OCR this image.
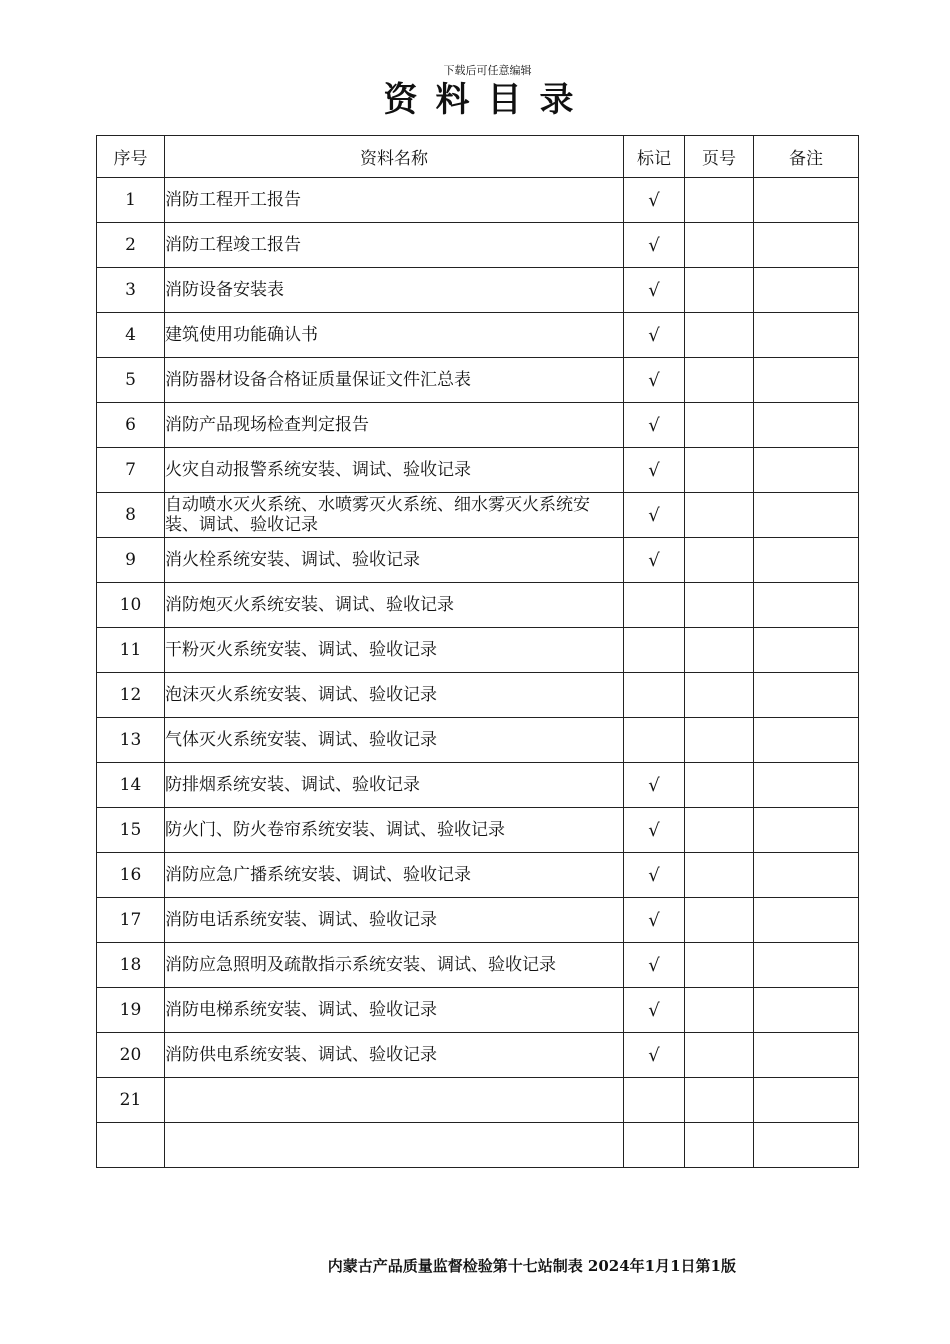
下载后可任意编辑
资料目录
序号	资料名称	标记	页号	备注
1	消防工程开工报告	√		
2	消防工程竣工报告	√		
3	消防设备安装表	√		
4	建筑使用功能确认书	√		
5	消防器材设备合格证质量保证文件汇总表	√		
6	消防产品现场检查判定报告	√		
7	火灾自动报警系统安装、调试、验收记录	√		
8	自动喷水灭火系统、水喷雾灭火系统、细水雾灭火系统安装、调试、验收记录	√		
9	消火栓系统安装、调试、验收记录	√		
10	消防炮灭火系统安装、调试、验收记录			
11	干粉灭火系统安装、调试、验收记录			
12	泡沫灭火系统安装、调试、验收记录			
13	气体灭火系统安装、调试、验收记录			
14	防排烟系统安装、调试、验收记录	√		
15	防火门、防火卷帘系统安装、调试、验收记录	√		
16	消防应急广播系统安装、调试、验收记录	√		
17	消防电话系统安装、调试、验收记录	√		
18	消防应急照明及疏散指示系统安装、调试、验收记录	√		
19	消防电梯系统安装、调试、验收记录	√		
20	消防供电系统安装、调试、验收记录	√		
21				

内蒙古产品质量监督检验第十七站制表 2024年1月1日第1版
